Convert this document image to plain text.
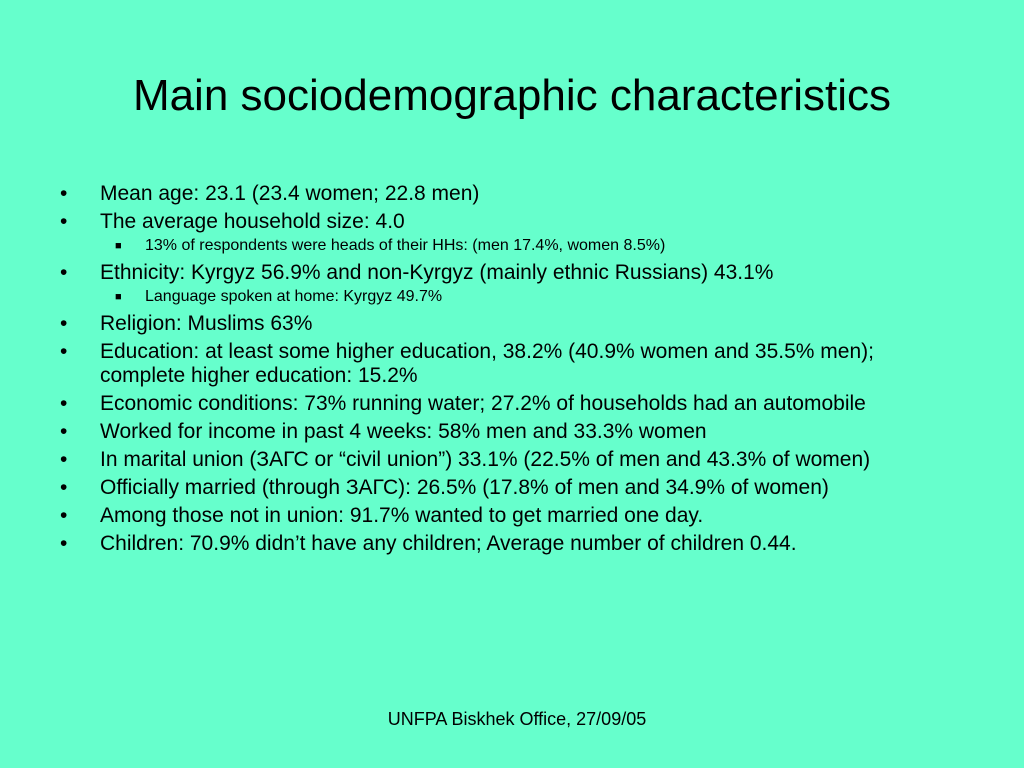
Main sociodemographic characteristics
•	Mean age: 23.1 (23.4 women; 22.8 men)
•	The average household size: 4.0
■ 13% of respondents were heads of their HHs: (men 17.4%, women 8.5%)
•	Ethnicity: Kyrgyz 56.9% and non-Kyrgyz (mainly ethnic Russians) 43.1%
■ Language spoken at home: Kyrgyz 49.7%
•	Religion: Muslims 63%
•	Education: at least some higher education, 38.2% (40.9% women and 35.5% men); complete higher education: 15.2%
•	Economic conditions: 73% running water; 27.2% of households had an automobile
•	Worked for income in past 4 weeks: 58% men and 33.3% women
•	In marital union (ЗАГС or “civil union”) 33.1% (22.5% of men and 43.3% of women)
•	Officially married (through ЗАГС): 26.5% (17.8% of men and 34.9% of women)
•	Among those not in union: 91.7% wanted to get married one day.
•	Children: 70.9% didn’t have any children; Average number of children 0.44.
UNFPA Biskhek Office, 27/09/05
